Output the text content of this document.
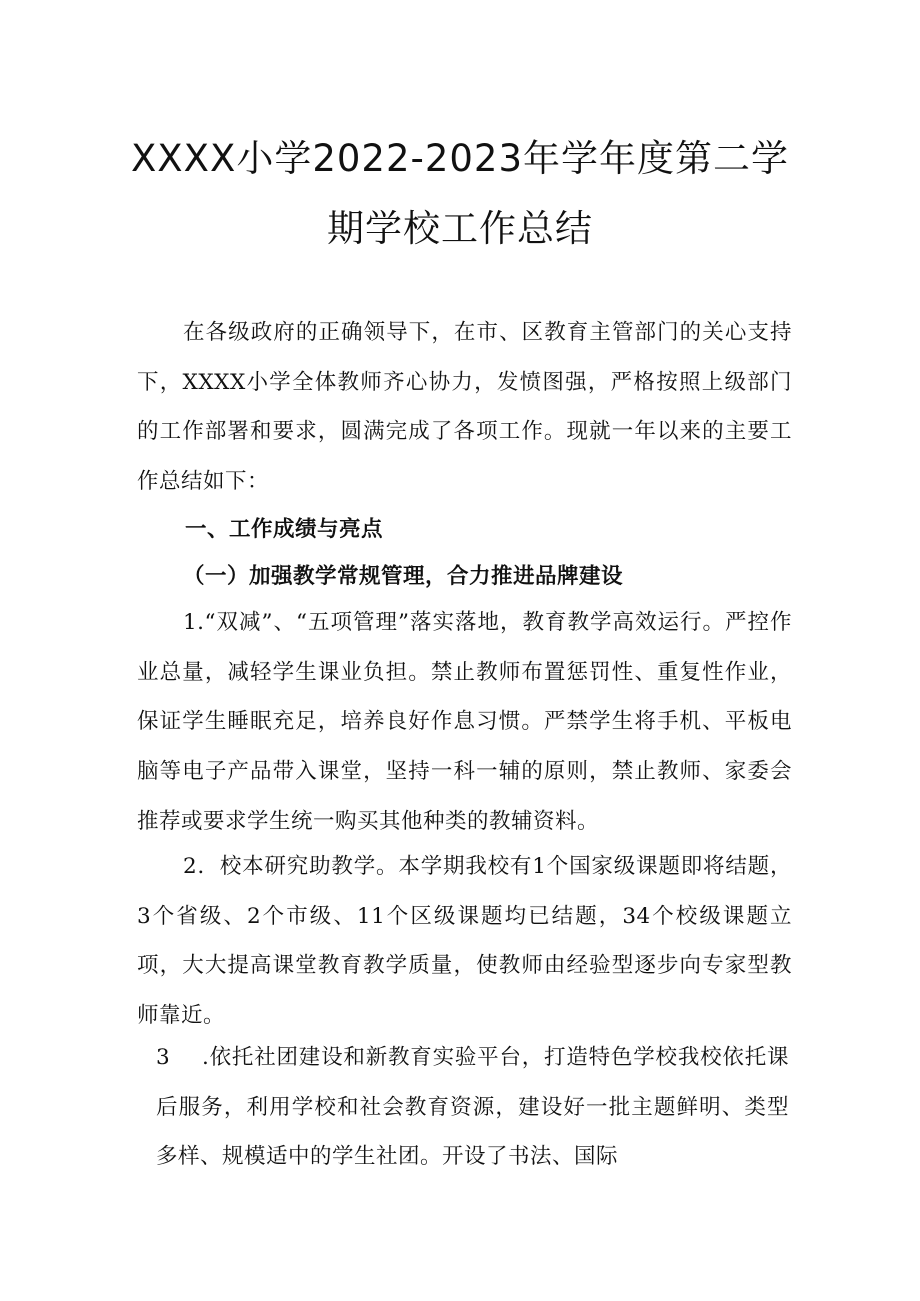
XXXX小学2022-2023年学年度第二学
期学校工作总结
在各级政府的正确领导下，在市、区教育主管部门的关心支持下，XXXX小学全体教师齐心协力，发愤图强，严格按照上级部门的工作部署和要求，圆满完成了各项工作。现就一年以来的主要工作总结如下：
一、工作成绩与亮点
（一）加强教学常规管理，合力推进品牌建设
1.“双减”、“五项管理”落实落地，教育教学高效运行。严控作业总量，减轻学生课业负担。禁止教师布置惩罚性、重复性作业，保证学生睡眠充足，培养良好作息习惯。严禁学生将手机、平板电脑等电子产品带入课堂，坚持一科一辅的原则，禁止教师、家委会推荐或要求学生统一购买其他种类的教辅资料。
2．校本研究助教学。本学期我校有1个国家级课题即将结题，3个省级、2个市级、11个区级课题均已结题，34个校级课题立项，大大提高课堂教育教学质量，使教师由经验型逐步向专家型教师靠近。
3 .依托社团建设和新教育实验平台，打造特色学校我校依托课后服务，利用学校和社会教育资源，建设好一批主题鲜明、类型多样、规模适中的学生社团。开设了书法、国际
